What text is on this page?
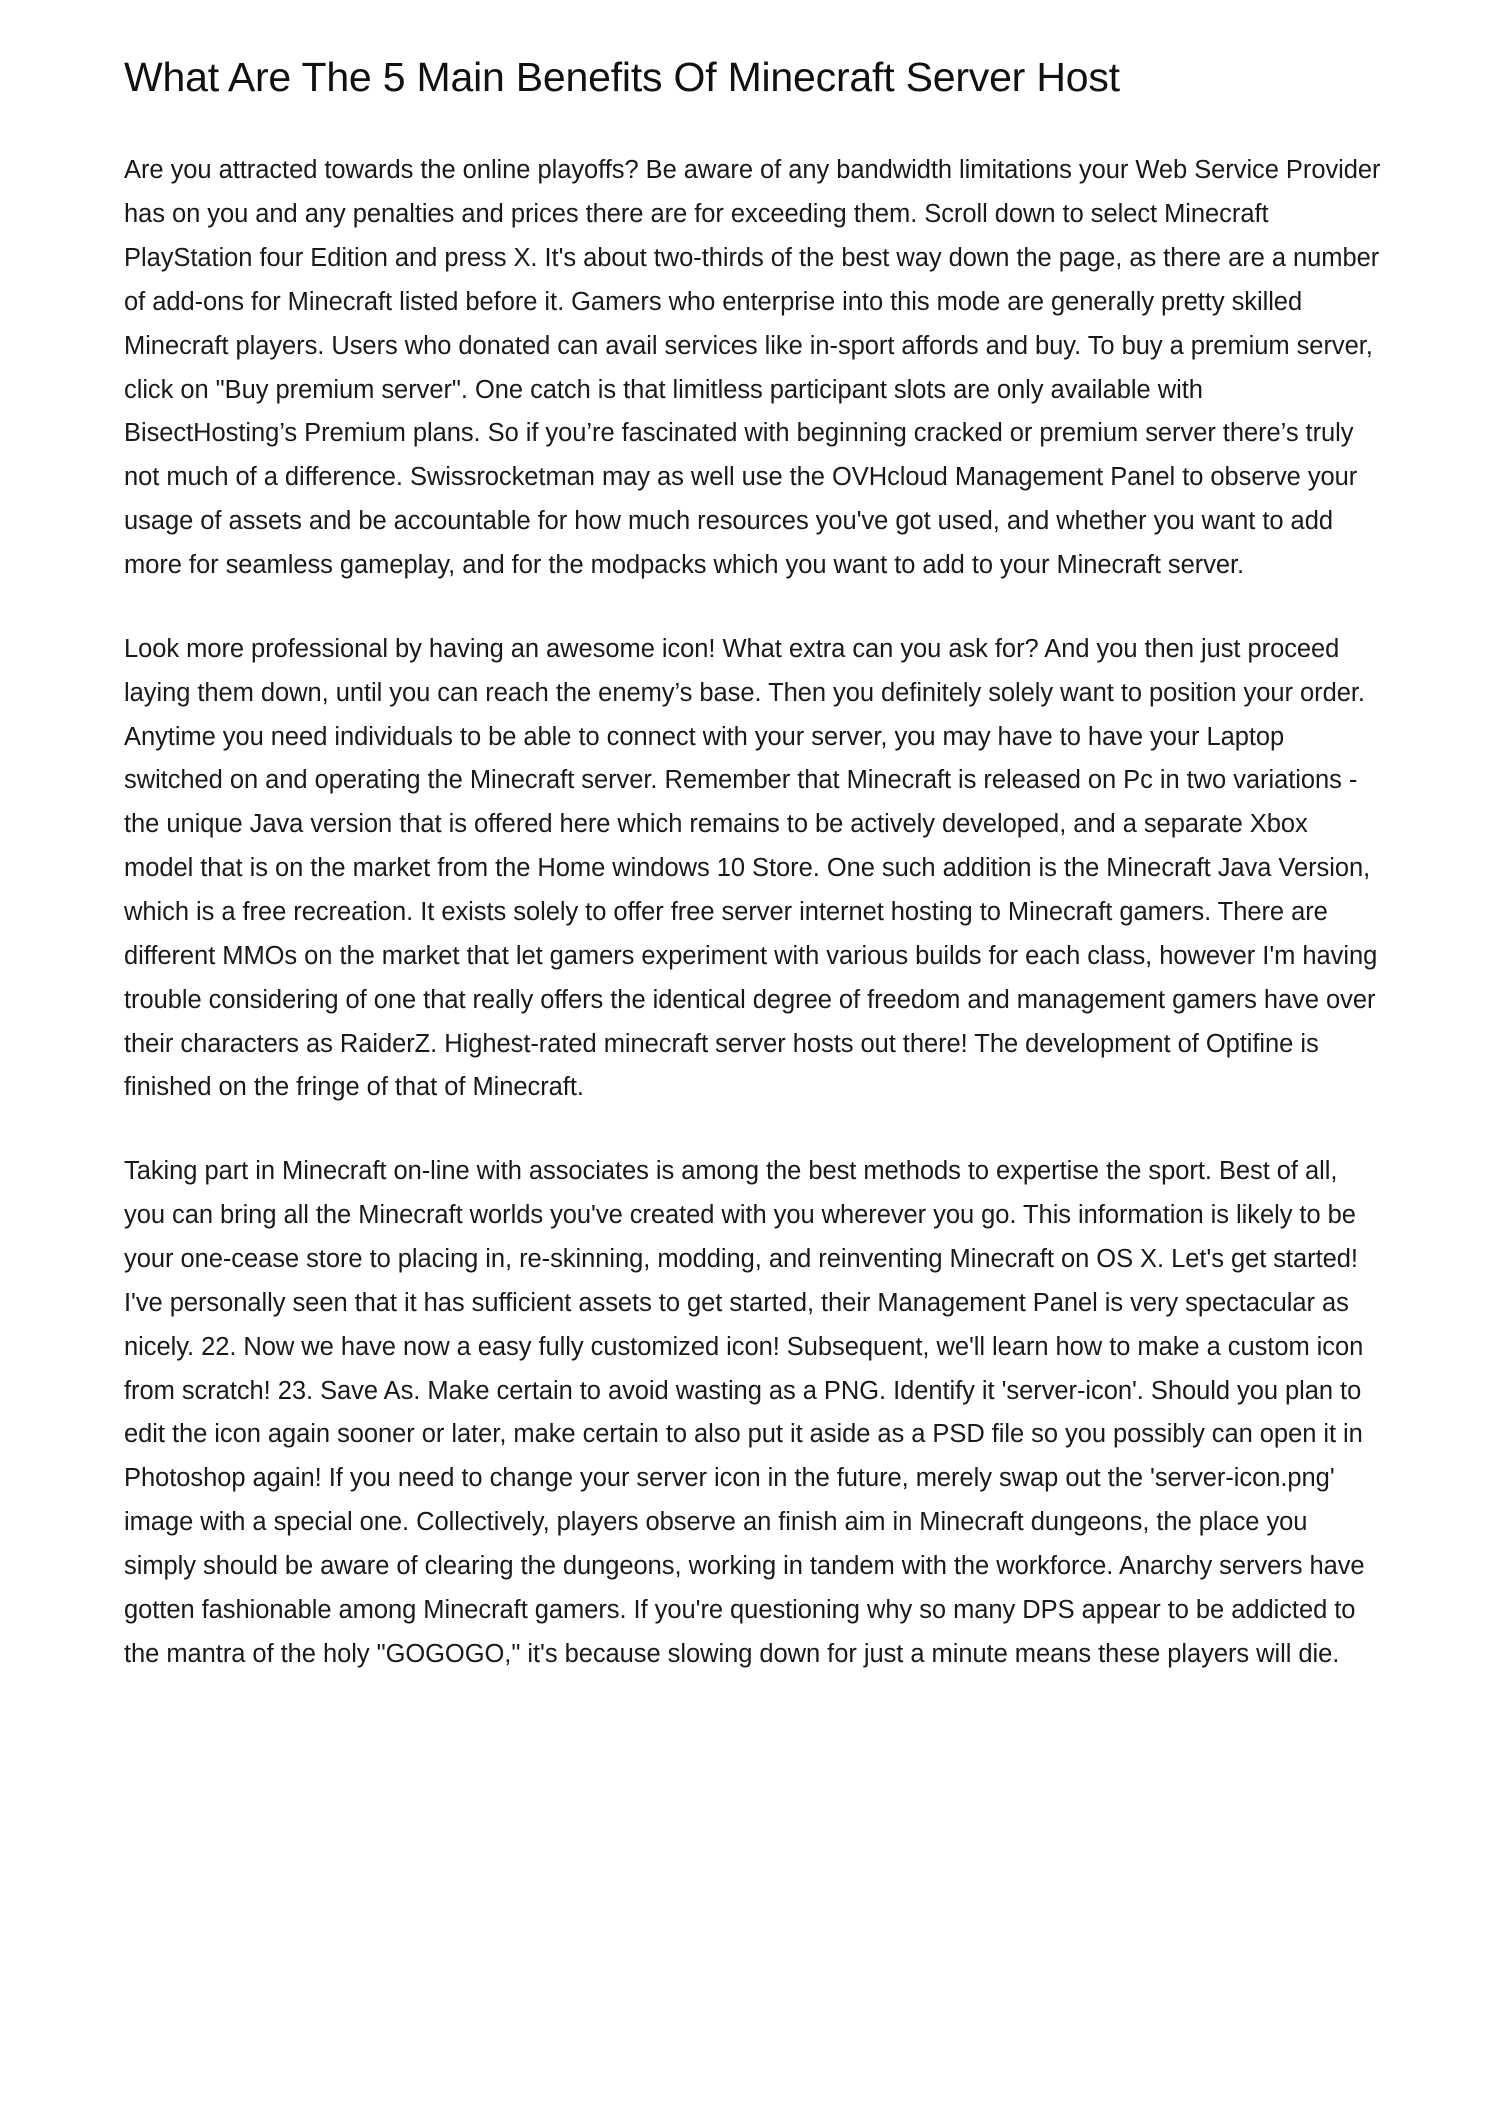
What Are The 5 Main Benefits Of Minecraft Server Host

Are you attracted towards the online playoffs? Be aware of any bandwidth limitations your Web Service Provider has on you and any penalties and prices there are for exceeding them. Scroll down to select Minecraft PlayStation four Edition and press X. It's about two-thirds of the best way down the page, as there are a number of add-ons for Minecraft listed before it. Gamers who enterprise into this mode are generally pretty skilled Minecraft players. Users who donated can avail services like in-sport affords and buy. To buy a premium server, click on "Buy premium server". One catch is that limitless participant slots are only available with BisectHosting’s Premium plans. So if you’re fascinated with beginning cracked or premium server there’s truly not much of a difference. Swissrocketman may as well use the OVHcloud Management Panel to observe your usage of assets and be accountable for how much resources you've got used, and whether you want to add more for seamless gameplay, and for the modpacks which you want to add to your Minecraft server.

Look more professional by having an awesome icon! What extra can you ask for? And you then just proceed laying them down, until you can reach the enemy’s base. Then you definitely solely want to position your order. Anytime you need individuals to be able to connect with your server, you may have to have your Laptop switched on and operating the Minecraft server. Remember that Minecraft is released on Pc in two variations - the unique Java version that is offered here which remains to be actively developed, and a separate Xbox model that is on the market from the Home windows 10 Store. One such addition is the Minecraft Java Version, which is a free recreation. It exists solely to offer free server internet hosting to Minecraft gamers. There are different MMOs on the market that let gamers experiment with various builds for each class, however I'm having trouble considering of one that really offers the identical degree of freedom and management gamers have over their characters as RaiderZ. Highest-rated minecraft server hosts out there! The development of Optifine is finished on the fringe of that of Minecraft.

Taking part in Minecraft on-line with associates is among the best methods to expertise the sport. Best of all, you can bring all the Minecraft worlds you've created with you wherever you go. This information is likely to be your one-cease store to placing in, re-skinning, modding, and reinventing Minecraft on OS X. Let's get started! I've personally seen that it has sufficient assets to get started, their Management Panel is very spectacular as nicely. 22. Now we have now a easy fully customized icon! Subsequent, we'll learn how to make a custom icon from scratch! 23. Save As. Make certain to avoid wasting as a PNG. Identify it 'server-icon'. Should you plan to edit the icon again sooner or later, make certain to also put it aside as a PSD file so you possibly can open it in Photoshop again! If you need to change your server icon in the future, merely swap out the 'server-icon.png' image with a special one. Collectively, players observe an finish aim in Minecraft dungeons, the place you simply should be aware of clearing the dungeons, working in tandem with the workforce. Anarchy servers have gotten fashionable among Minecraft gamers. If you're questioning why so many DPS appear to be addicted to the mantra of the holy "GOGOGO," it's because slowing down for just a minute means these players will die.
